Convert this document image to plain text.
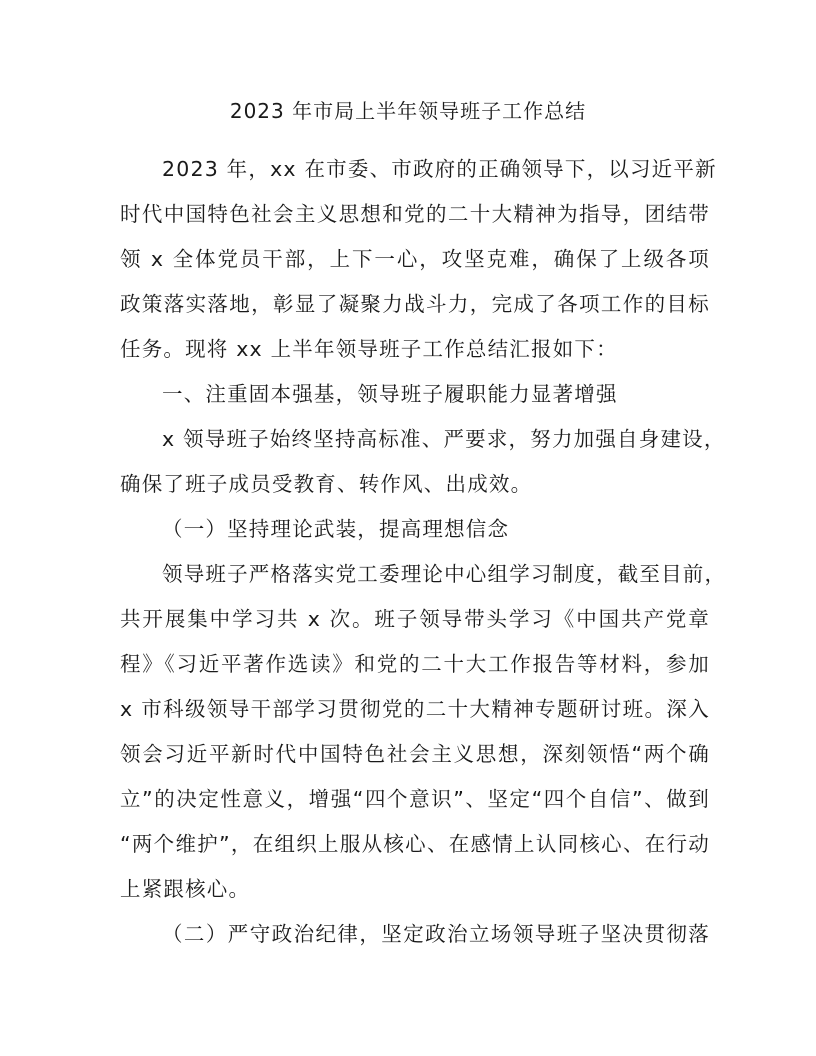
2023 年市局上半年领导班子工作总结
2023 年，xx 在市委、市政府的正确领导下，以习近平新
时代中国特色社会主义思想和党的二十大精神为指导，团结带
领 x 全体党员干部，上下一心，攻坚克难，确保了上级各项
政策落实落地，彰显了凝聚力战斗力，完成了各项工作的目标
任务。现将 xx 上半年领导班子工作总结汇报如下：
一、注重固本强基，领导班子履职能力显著增强
x 领导班子始终坚持高标准、严要求，努力加强自身建设，
确保了班子成员受教育、转作风、出成效。
（一）坚持理论武装，提高理想信念
领导班子严格落实党工委理论中心组学习制度，截至目前，
共开展集中学习共 x 次。班子领导带头学习《中国共产党章
程》《习近平著作选读》和党的二十大工作报告等材料，参加
x 市科级领导干部学习贯彻党的二十大精神专题研讨班。深入
领会习近平新时代中国特色社会主义思想，深刻领悟“两个确
立”的决定性意义，增强“四个意识”、坚定“四个自信”、做到
“两个维护”，在组织上服从核心、在感情上认同核心、在行动
上紧跟核心。
（二）严守政治纪律，坚定政治立场领导班子坚决贯彻落
